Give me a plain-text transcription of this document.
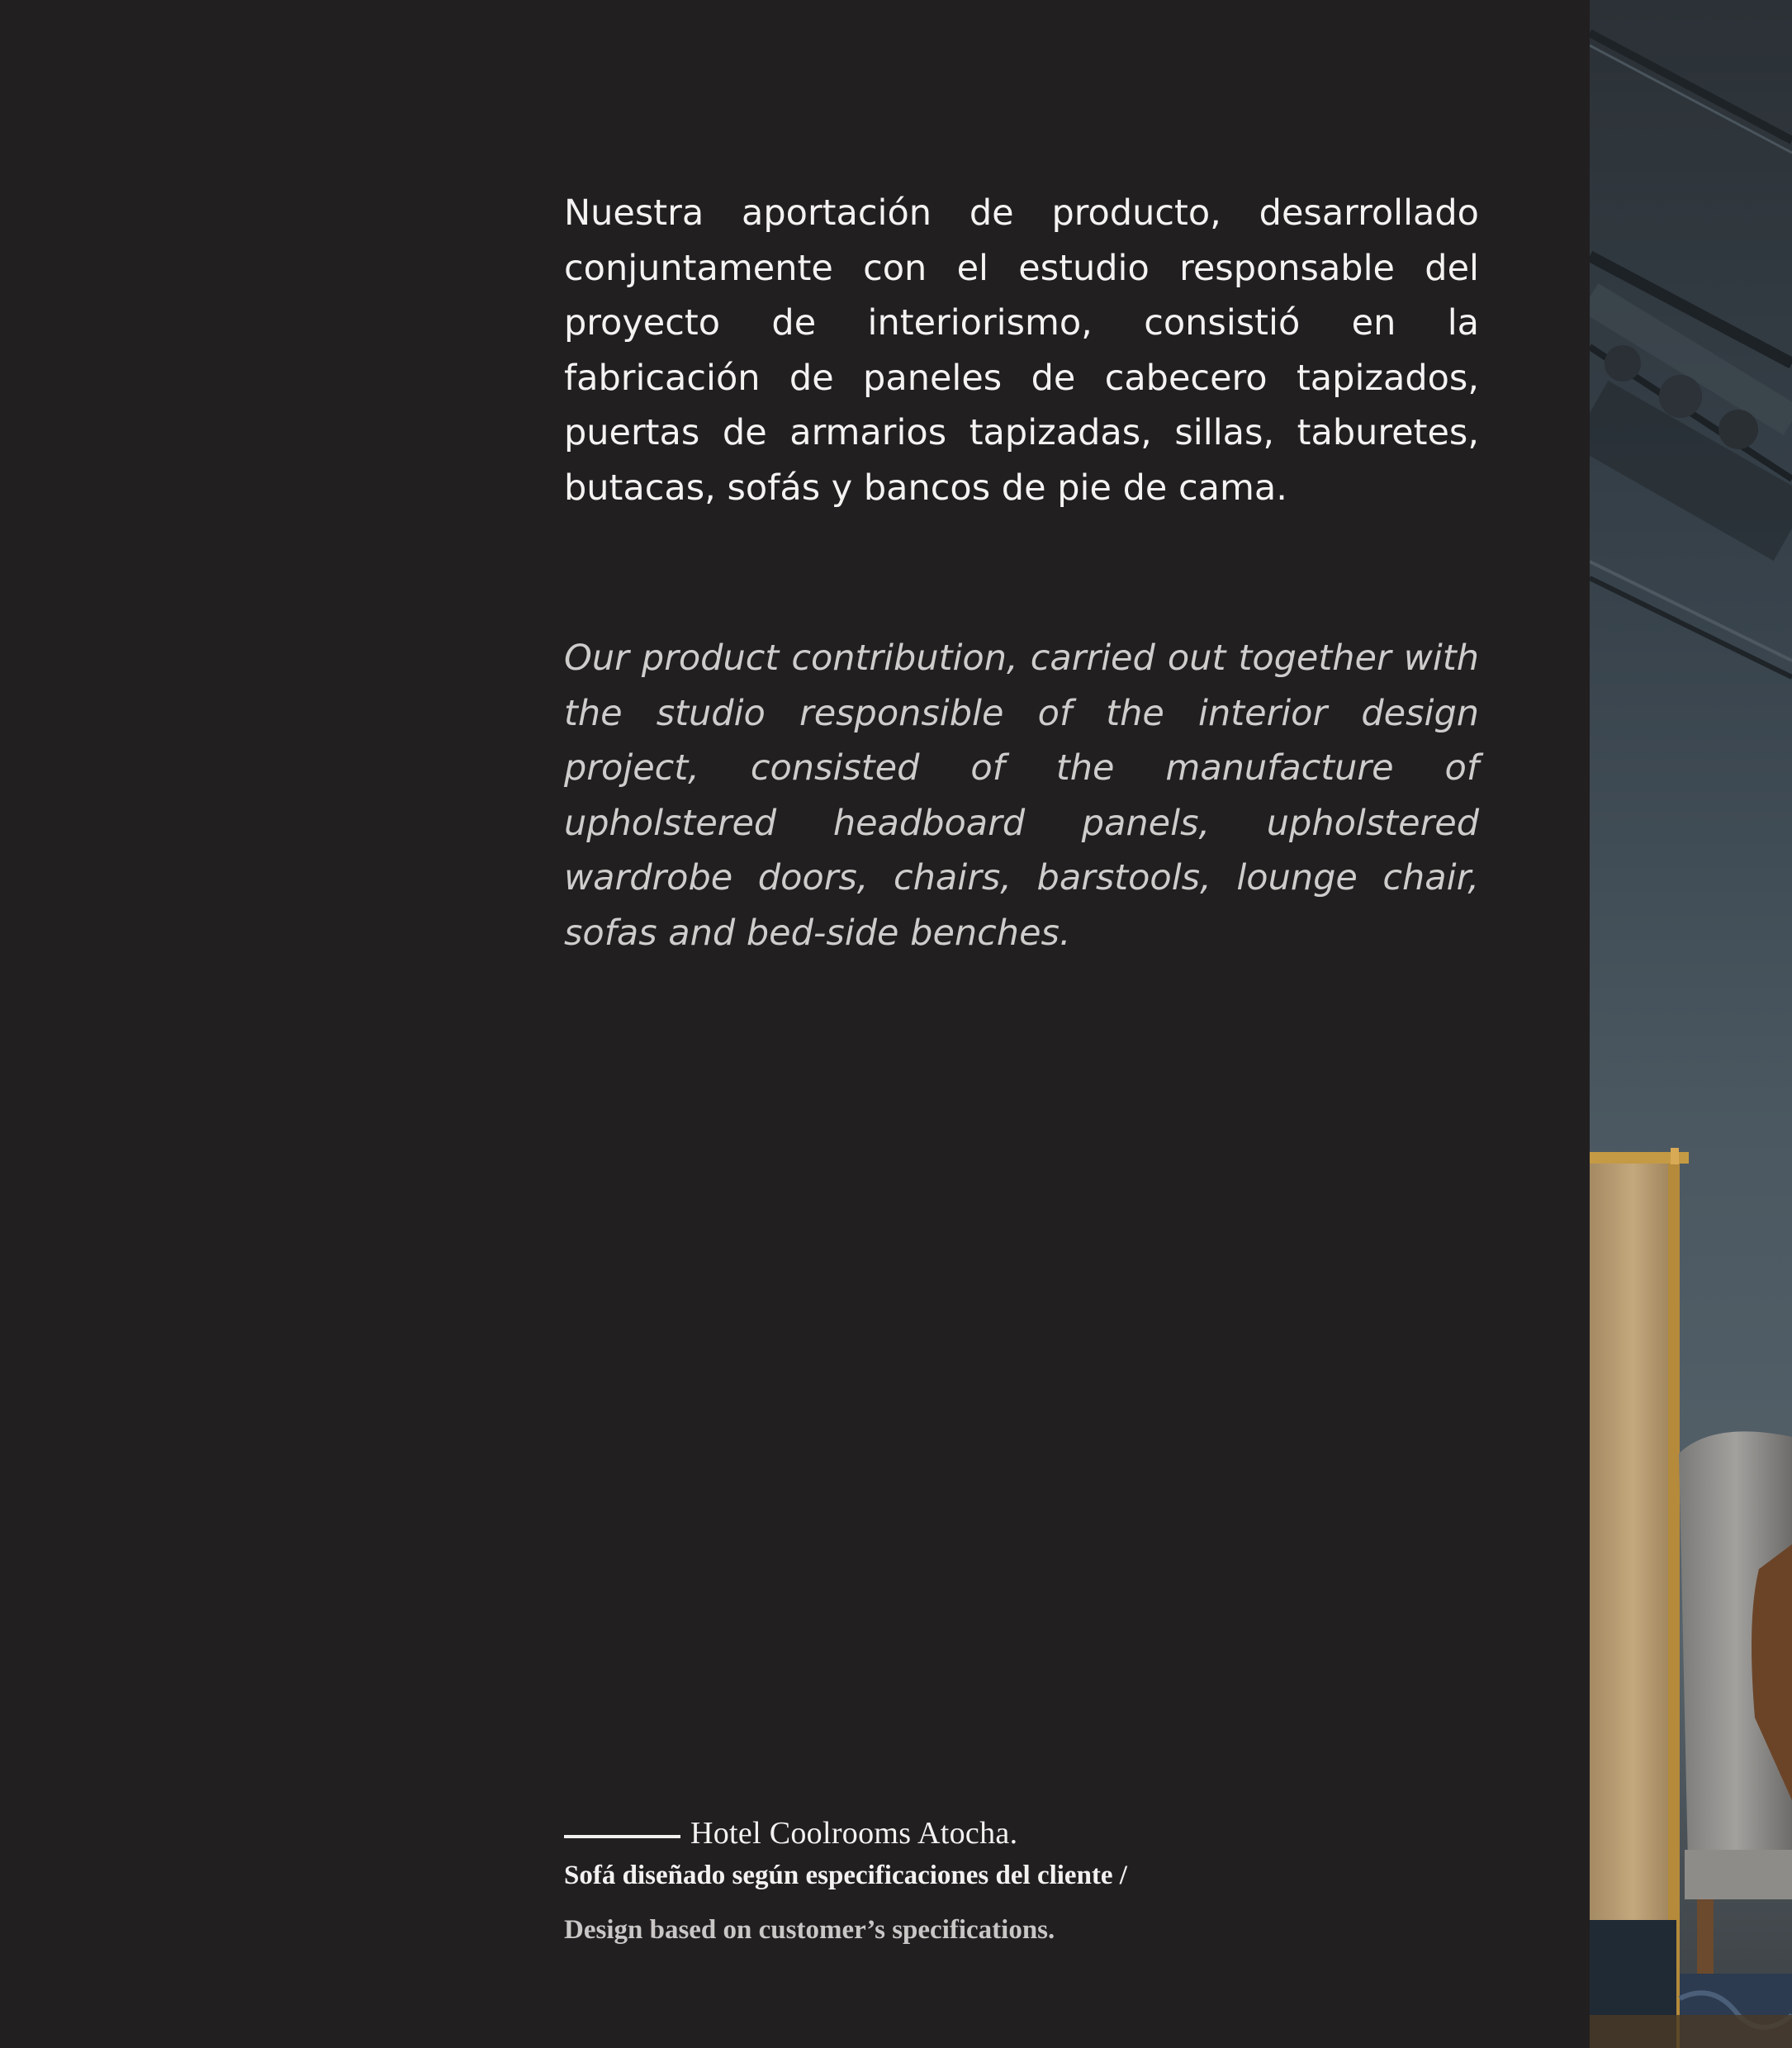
Nuestra aportación de producto, desarrollado conjuntamente con el estudio responsable del proyecto de interiorismo, consistió en la fabricación de paneles de cabecero tapizados, puertas de armarios tapizadas, sillas, taburetes, butacas, sofás y bancos de pie de cama.

Our product contribution, carried out together with the studio responsible of the interior design project, consisted of the manufacture of upholstered headboard panels, upholstered wardrobe doors, chairs, barstools, lounge chair, sofas and bed-side benches.

Hotel Coolrooms Atocha.
Sofá diseñado según especificaciones del cliente /
Design based on customer’s specifications.
